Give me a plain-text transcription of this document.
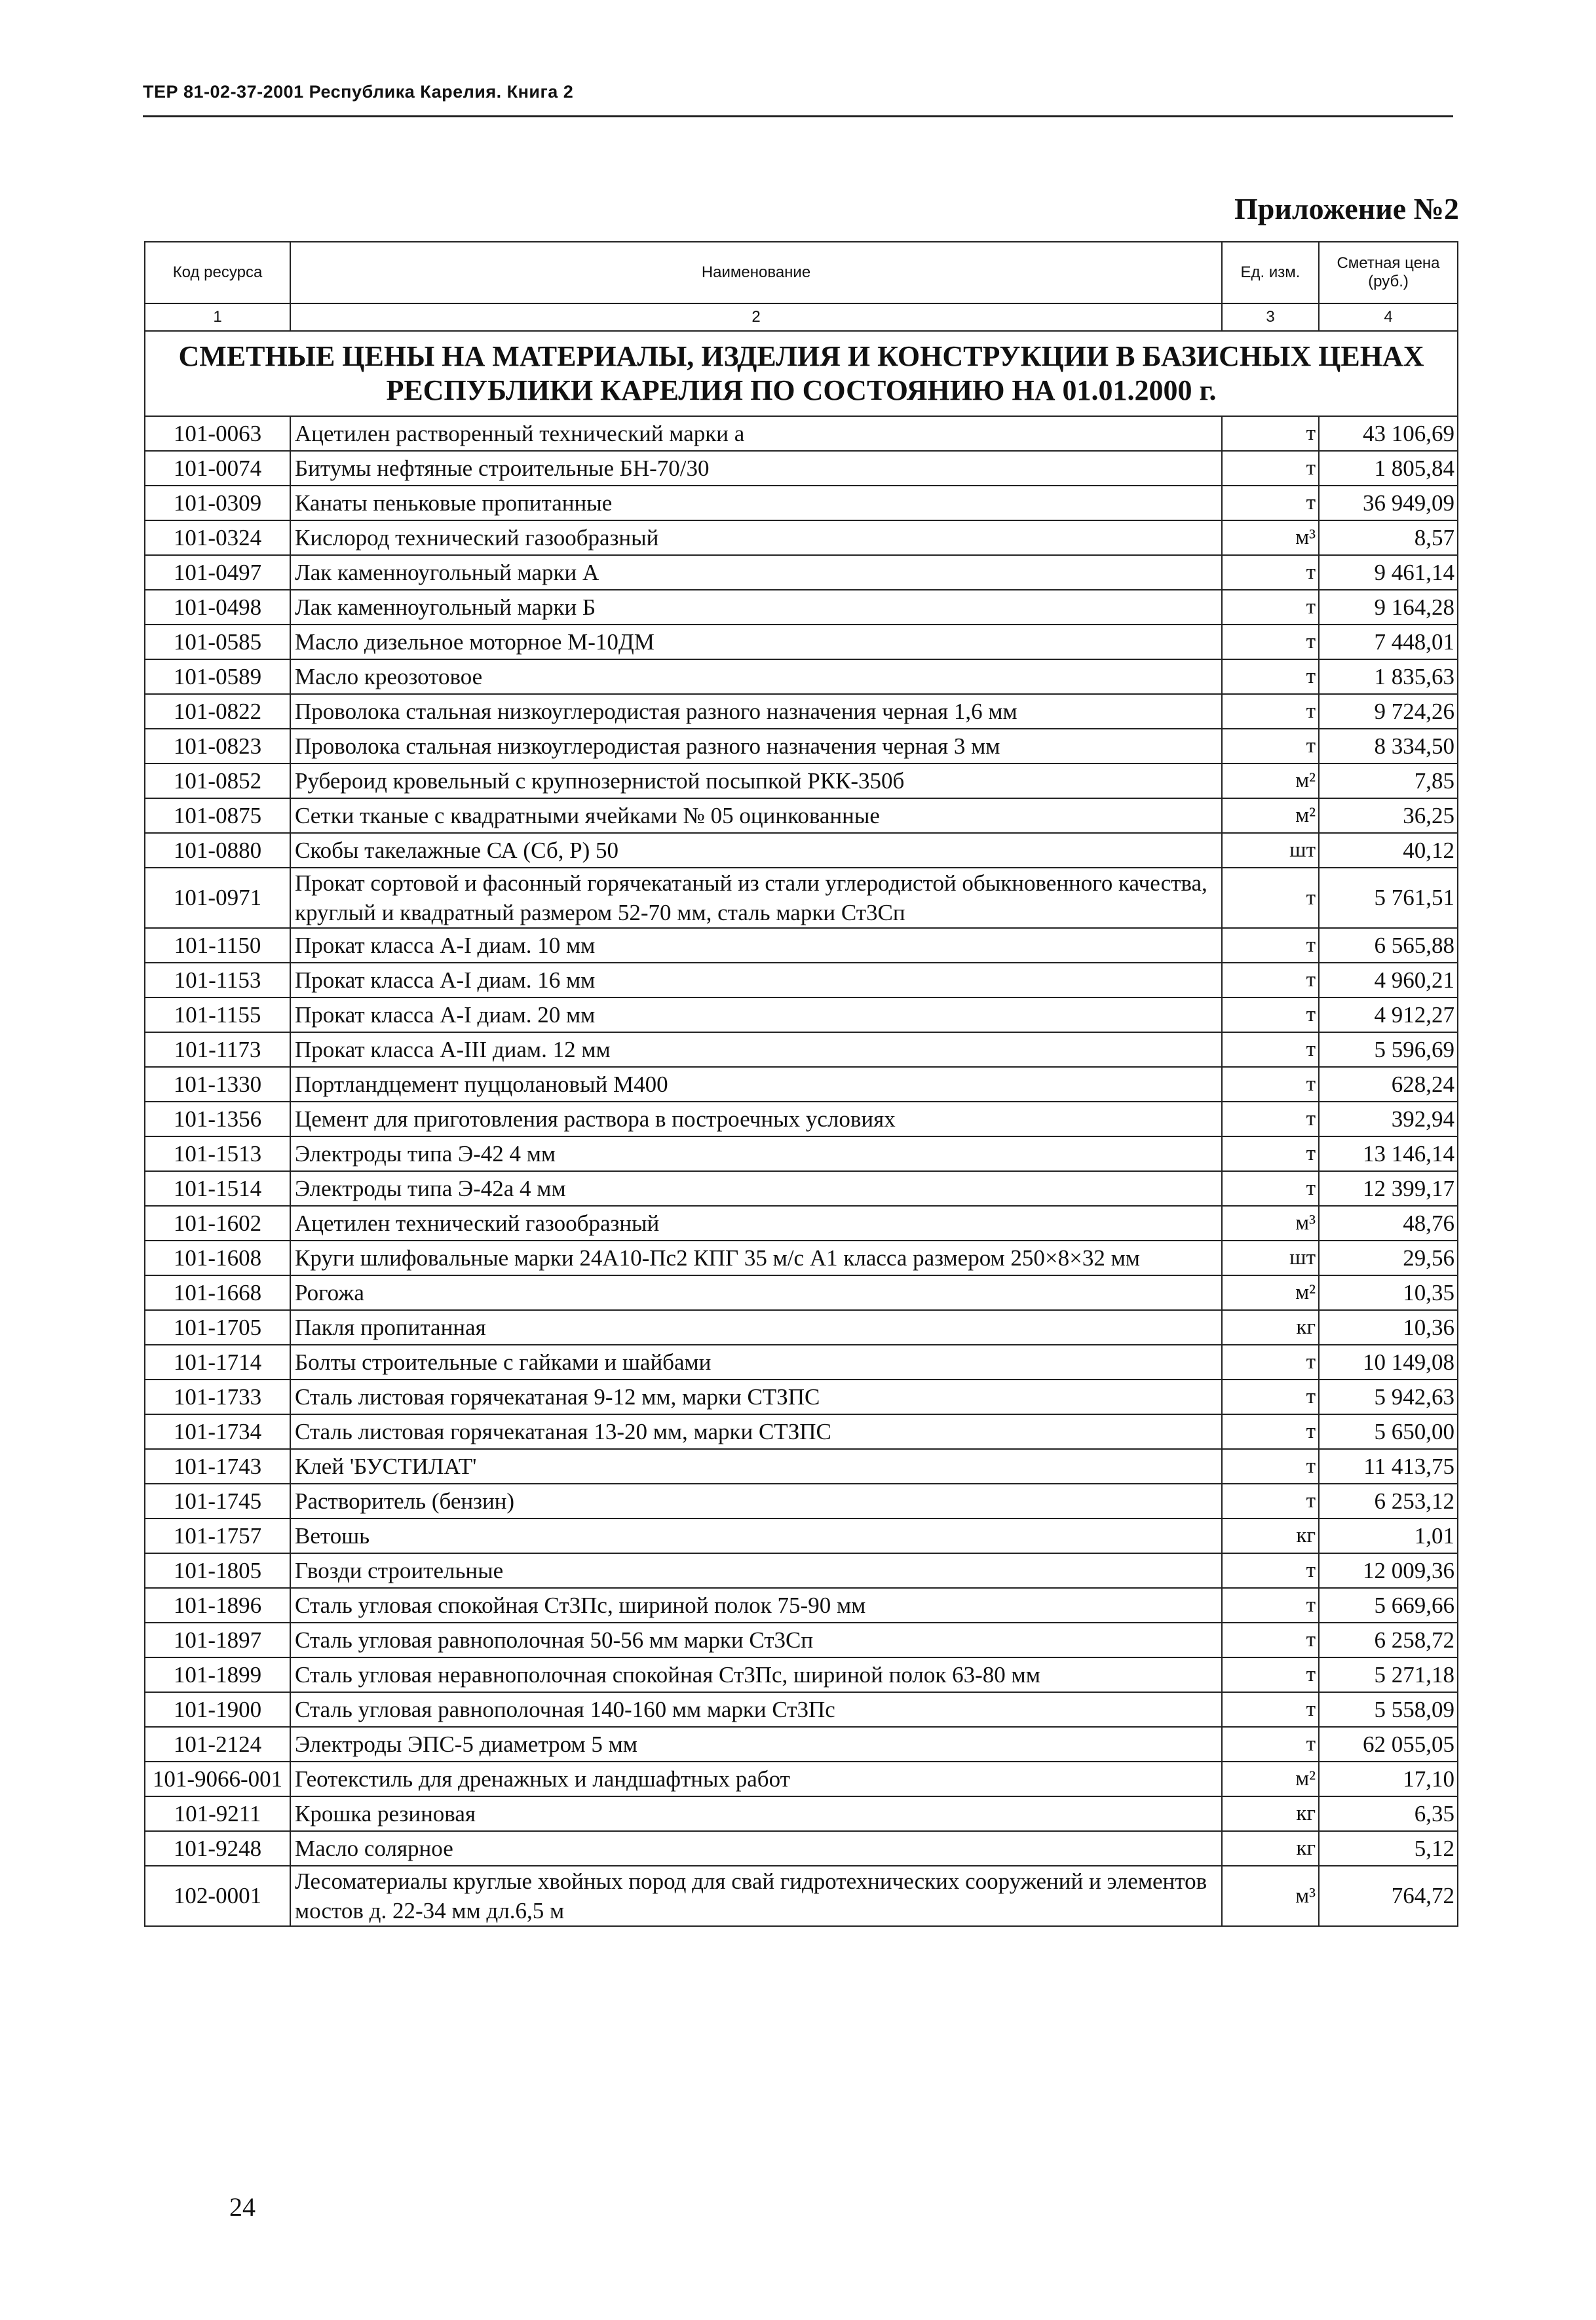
ТЕР 81-02-37-2001 Республика Карелия. Книга 2
Приложение №2
Код ресурса	Наименование	Ед. изм.	Сметная цена (руб.)
1	2	3	4
СМЕТНЫЕ ЦЕНЫ НА МАТЕРИАЛЫ, ИЗДЕЛИЯ И КОНСТРУКЦИИ В БАЗИСНЫХ ЦЕНАХ РЕСПУБЛИКИ КАРЕЛИЯ ПО СОСТОЯНИЮ НА 01.01.2000 г.			
101-0063	Ацетилен растворенный технический марки а	т	43 106,69
101-0074	Битумы нефтяные строительные БН-70/30	т	1 805,84
101-0309	Канаты пеньковые пропитанные	т	36 949,09
101-0324	Кислород технический газообразный	м³	8,57
101-0497	Лак каменноугольный марки А	т	9 461,14
101-0498	Лак каменноугольный марки Б	т	9 164,28
101-0585	Масло дизельное моторное М-10ДМ	т	7 448,01
101-0589	Масло креозотовое	т	1 835,63
101-0822	Проволока стальная низкоуглеродистая разного назначения черная 1,6 мм	т	9 724,26
101-0823	Проволока стальная низкоуглеродистая разного назначения черная 3 мм	т	8 334,50
101-0852	Рубероид кровельный с крупнозернистой посыпкой РКК-350б	м²	7,85
101-0875	Сетки тканые с квадратными ячейками № 05 оцинкованные	м²	36,25
101-0880	Скобы такелажные СА (Сб, Р) 50	шт	40,12
101-0971	Прокат сортовой и фасонный горячекатаный из стали углеродистой обыкновенного качества, круглый и квадратный размером 52-70 мм, сталь марки Ст3Сп	т	5 761,51
101-1150	Прокат класса А-I диам. 10 мм	т	6 565,88
101-1153	Прокат класса А-I диам. 16 мм	т	4 960,21
101-1155	Прокат класса А-I диам. 20 мм	т	4 912,27
101-1173	Прокат класса А-III диам. 12 мм	т	5 596,69
101-1330	Портландцемент пуццолановый М400	т	628,24
101-1356	Цемент для приготовления раствора в построечных условиях	т	392,94
101-1513	Электроды типа Э-42 4 мм	т	13 146,14
101-1514	Электроды типа Э-42а 4 мм	т	12 399,17
101-1602	Ацетилен технический газообразный	м³	48,76
101-1608	Круги шлифовальные марки 24А10-Пс2 КПГ 35 м/с А1 класса размером 250×8×32 мм	шт	29,56
101-1668	Рогожа	м²	10,35
101-1705	Пакля пропитанная	кг	10,36
101-1714	Болты строительные с гайками и шайбами	т	10 149,08
101-1733	Сталь листовая горячекатаная 9-12 мм, марки СТЗПС	т	5 942,63
101-1734	Сталь листовая горячекатаная 13-20 мм, марки СТЗПС	т	5 650,00
101-1743	Клей 'БУСТИЛАТ'	т	11 413,75
101-1745	Растворитель (бензин)	т	6 253,12
101-1757	Ветошь	кг	1,01
101-1805	Гвозди строительные	т	12 009,36
101-1896	Сталь угловая спокойная Ст3Пс, шириной полок 75-90 мм	т	5 669,66
101-1897	Сталь угловая равнополочная 50-56 мм марки Ст3Сп	т	6 258,72
101-1899	Сталь угловая неравнополочная спокойная Ст3Пс, шириной полок 63-80 мм	т	5 271,18
101-1900	Сталь угловая равнополочная 140-160 мм марки Ст3Пс	т	5 558,09
101-2124	Электроды ЭПС-5 диаметром 5 мм	т	62 055,05
101-9066-001	Геотекстиль для дренажных и ландшафтных работ	м²	17,10
101-9211	Крошка резиновая	кг	6,35
101-9248	Масло солярное	кг	5,12
102-0001	Лесоматериалы круглые хвойных пород для свай гидротехнических сооружений и элементов мостов д. 22-34 мм дл.6,5 м	м³	764,72
24
